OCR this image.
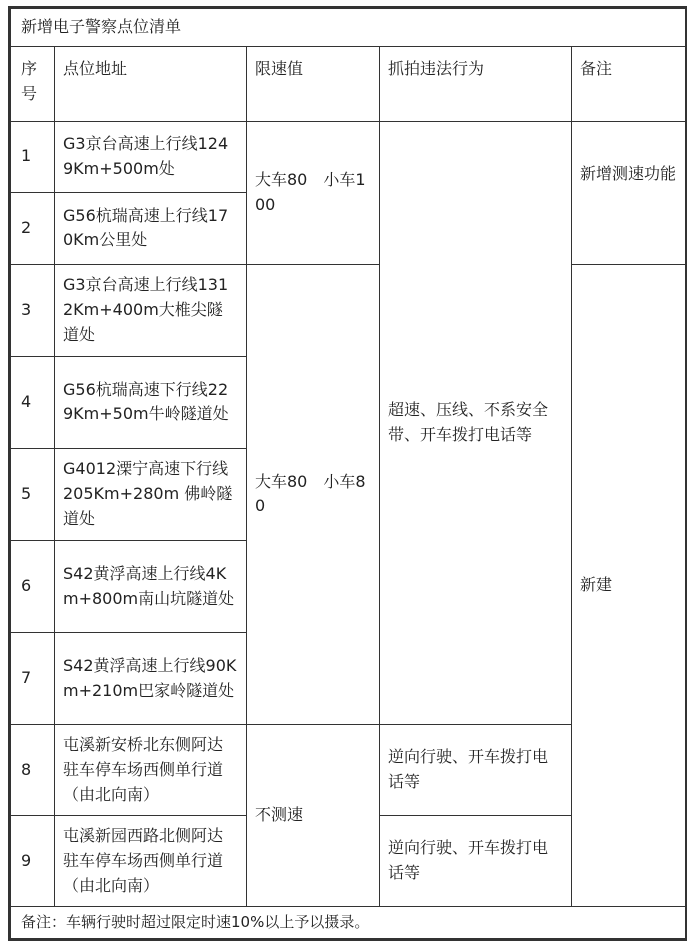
新增电子警察点位清单				
序号	点位地址	限速值	抓拍违法行为	备注
1	G3京台高速上行线1249Km+500m处	大车80　小车100	超速、压线、不系安全带、开车拨打电话等	新增测速功能
2	G56杭瑞高速上行线170Km公里处			
3	G3京台高速上行线1312Km+400m大椎尖隧道处	大车80　小车80		新建
4	G56杭瑞高速下行线229Km+50m牛岭隧道处			
5	G4012溧宁高速下行线 205Km+280m 佛岭隧道处			
6	S42黄浮高速上行线4Km+800m南山坑隧道处			
7	S42黄浮高速上行线90Km+210m巴家岭隧道处			
8	屯溪新安桥北东侧阿达驻车停车场西侧单行道（由北向南）	不测速	逆向行驶、开车拨打电话等	
9	屯溪新园西路北侧阿达驻车停车场西侧单行道（由北向南）		逆向行驶、开车拨打电话等	
备注：车辆行驶时超过限定时速10%以上予以摄录。				
